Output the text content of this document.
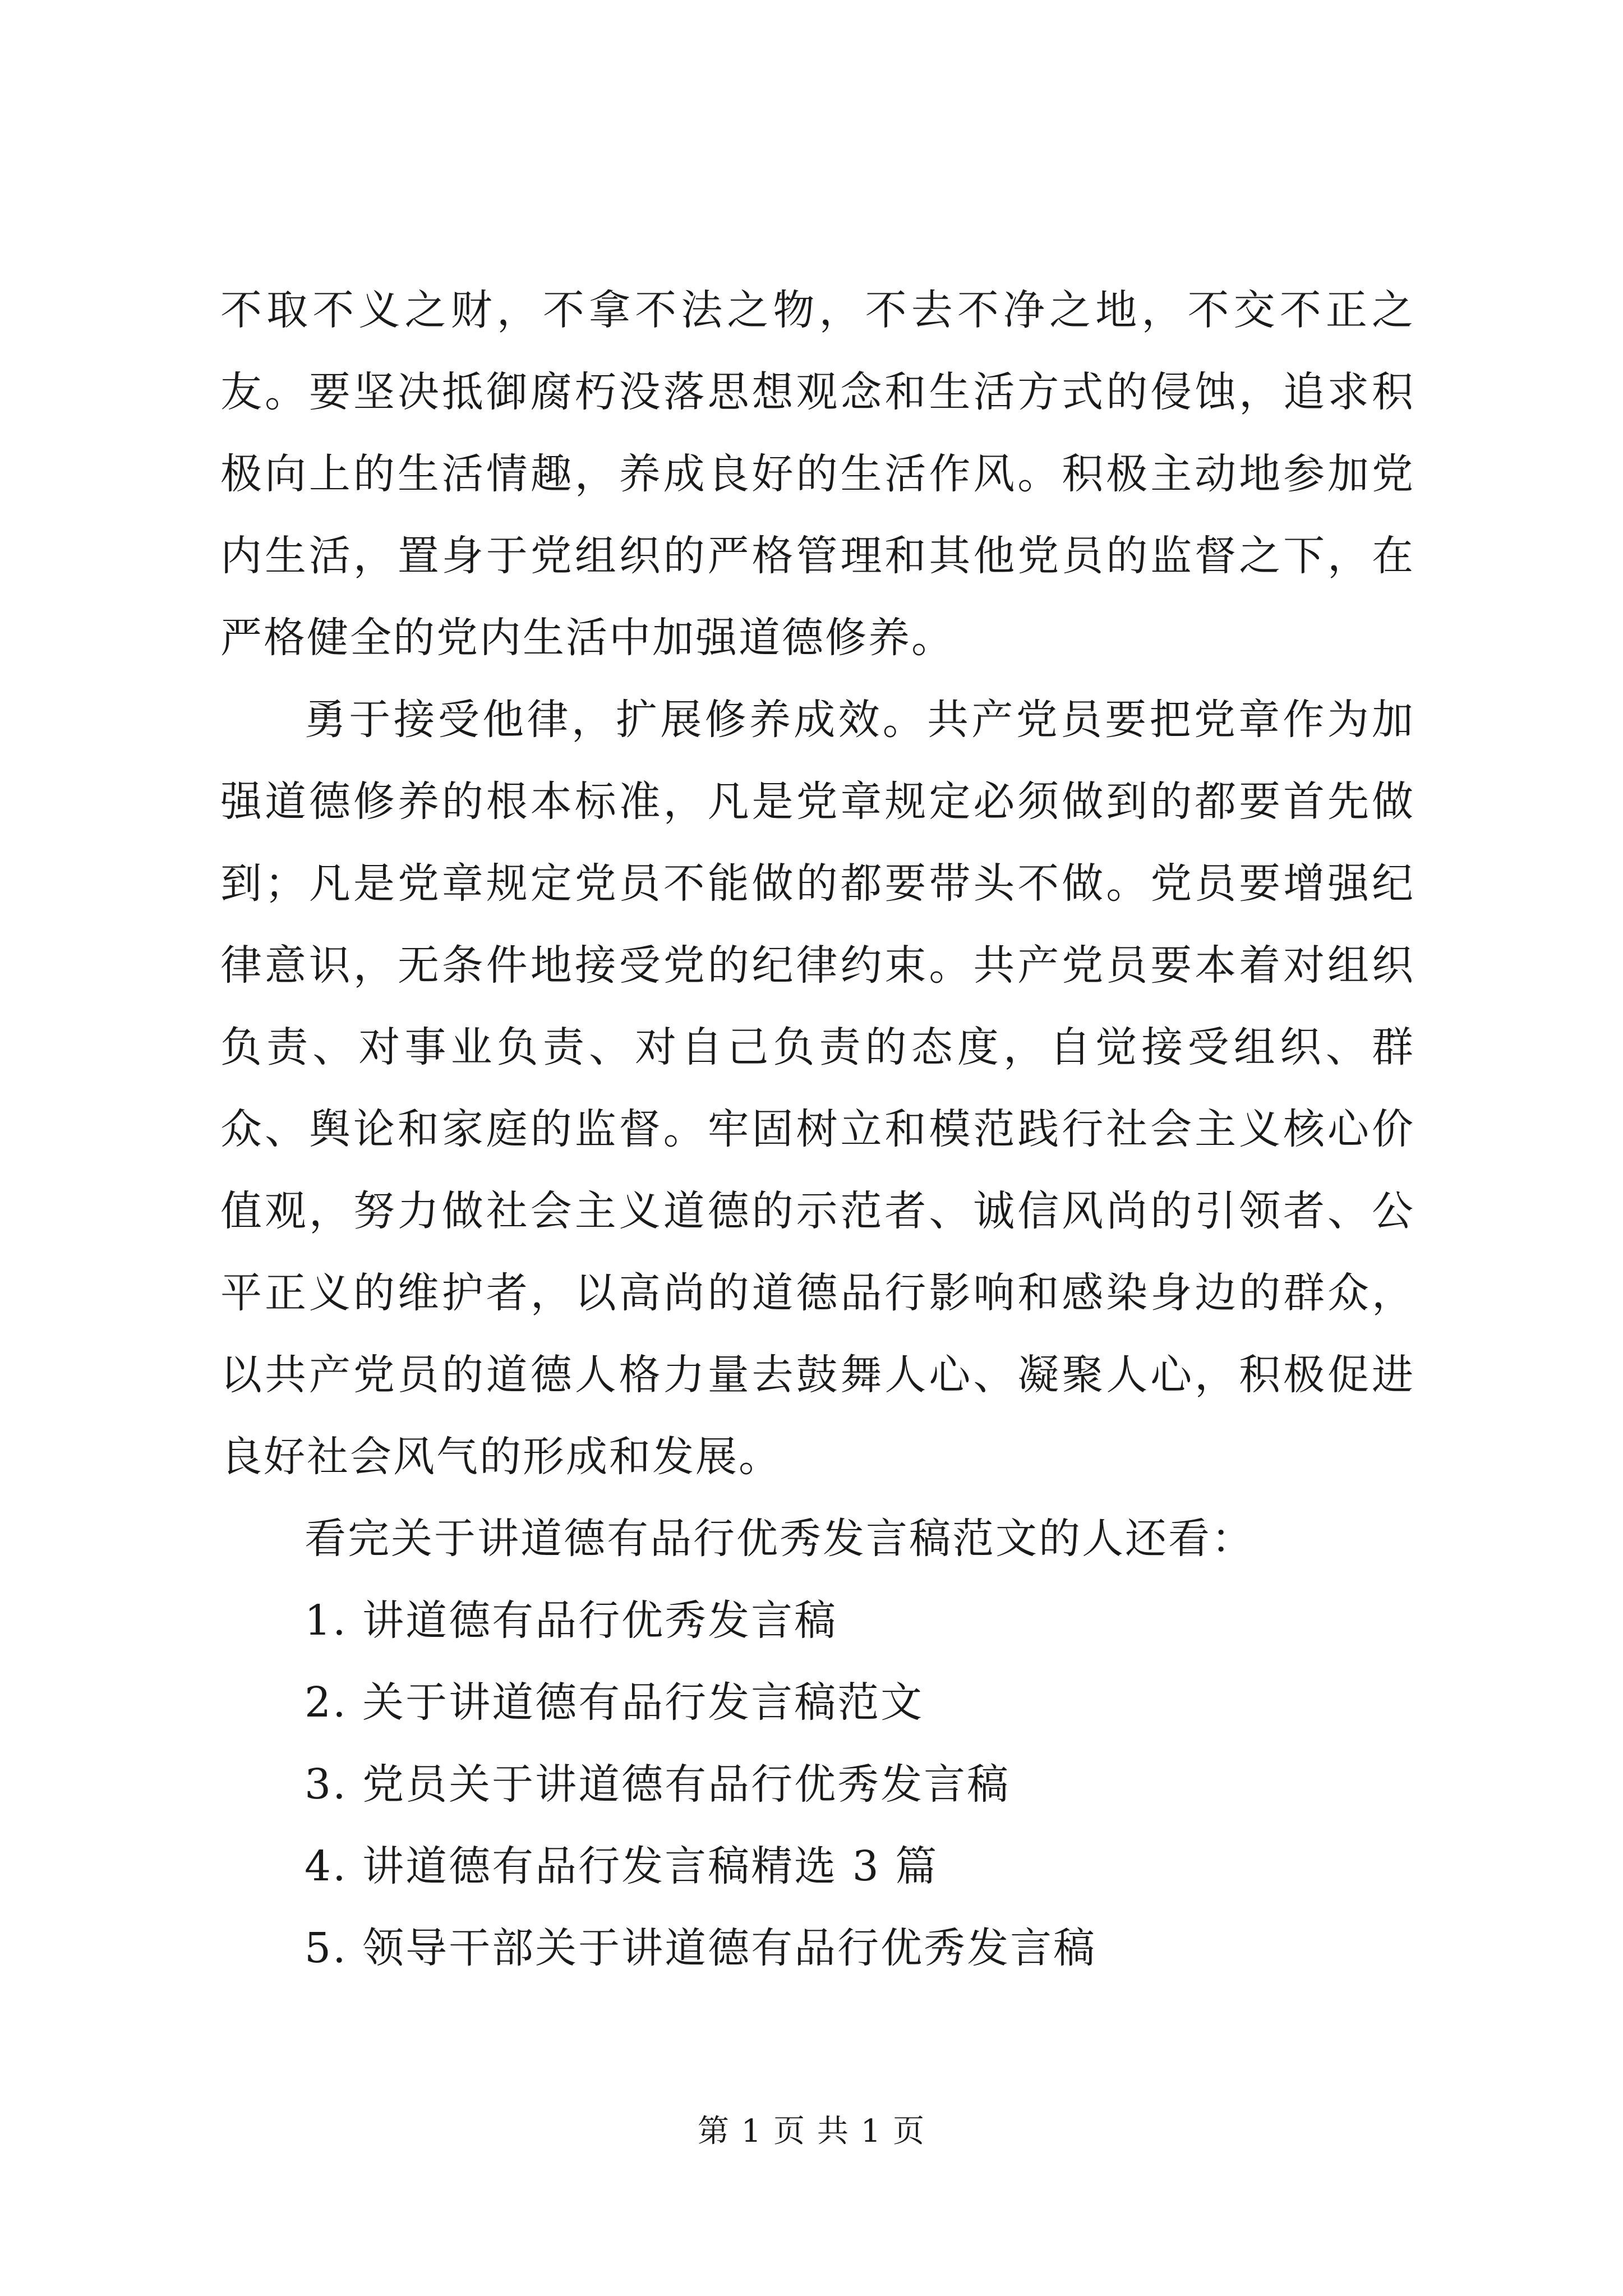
不取不义之财，不拿不法之物，不去不净之地，不交不正之友。要坚决抵御腐朽没落思想观念和生活方式的侵蚀，追求积极向上的生活情趣，养成良好的生活作风。积极主动地参加党内生活，置身于党组织的严格管理和其他党员的监督之下，在严格健全的党内生活中加强道德修养。

勇于接受他律，扩展修养成效。共产党员要把党章作为加强道德修养的根本标准，凡是党章规定必须做到的都要首先做到；凡是党章规定党员不能做的都要带头不做。党员要增强纪律意识，无条件地接受党的纪律约束。共产党员要本着对组织负责、对事业负责、对自己负责的态度，自觉接受组织、群众、舆论和家庭的监督。牢固树立和模范践行社会主义核心价值观，努力做社会主义道德的示范者、诚信风尚的引领者、公平正义的维护者，以高尚的道德品行影响和感染身边的群众，以共产党员的道德人格力量去鼓舞人心、凝聚人心，积极促进良好社会风气的形成和发展。

看完关于讲道德有品行优秀发言稿范文的人还看：

1. 讲道德有品行优秀发言稿
2. 关于讲道德有品行发言稿范文
3. 党员关于讲道德有品行优秀发言稿
4. 讲道德有品行发言稿精选 3 篇
5. 领导干部关于讲道德有品行优秀发言稿
第 1 页 共 1 页
